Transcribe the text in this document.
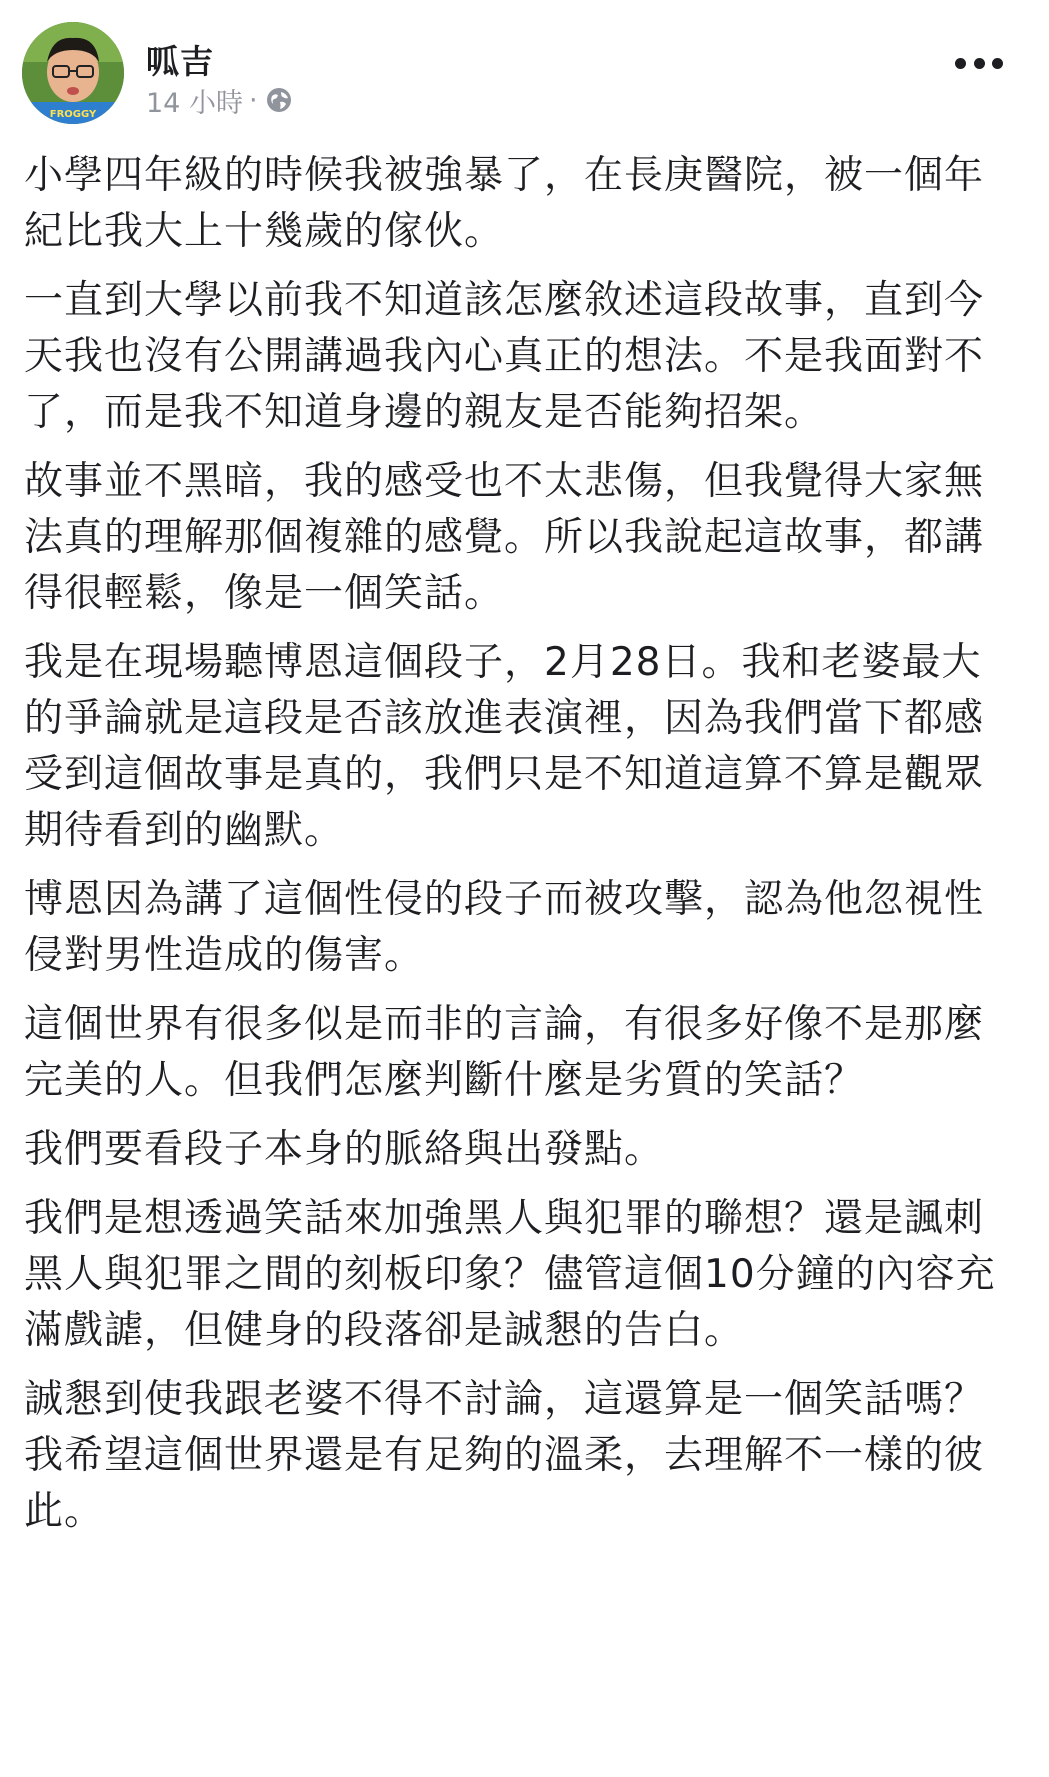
FROGGY
呱吉
14 小時 ·

小學四年級的時候我被強暴了，在長庚醫院，被一個年紀比我大上十幾歲的傢伙。

一直到大學以前我不知道該怎麼敘述這段故事，直到今天我也沒有公開講過我內心真正的想法。不是我面對不了，而是我不知道身邊的親友是否能夠招架。

故事並不黑暗，我的感受也不太悲傷，但我覺得大家無法真的理解那個複雜的感覺。所以我說起這故事，都講得很輕鬆，像是一個笑話。

我是在現場聽博恩這個段子，2月28日。我和老婆最大的爭論就是這段是否該放進表演裡，因為我們當下都感受到這個故事是真的，我們只是不知道這算不算是觀眾期待看到的幽默。

博恩因為講了這個性侵的段子而被攻擊，認為他忽視性侵對男性造成的傷害。

這個世界有很多似是而非的言論，有很多好像不是那麼完美的人。但我們怎麼判斷什麼是劣質的笑話？

我們要看段子本身的脈絡與出發點。

我們是想透過笑話來加強黑人與犯罪的聯想？還是諷刺黑人與犯罪之間的刻板印象？儘管這個10分鐘的內容充滿戲謔，但健身的段落卻是誠懇的告白。

誠懇到使我跟老婆不得不討論，這還算是一個笑話嗎？我希望這個世界還是有足夠的溫柔，去理解不一樣的彼此。
